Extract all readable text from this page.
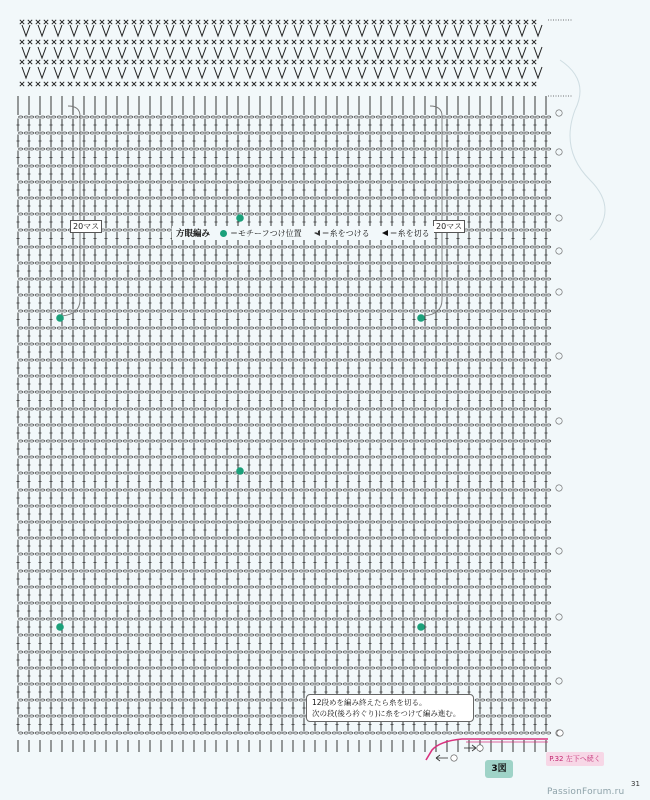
20マス	20マス
方眼編み	＝モチーフつけ位置	＝糸をつける	＝糸を切る
12段めを編み終えたら糸を切る。
次の段(後ろ衿ぐり)に糸をつけて編み進む。
P.32 左下へ続く
3図
31
PassionForum.ru
